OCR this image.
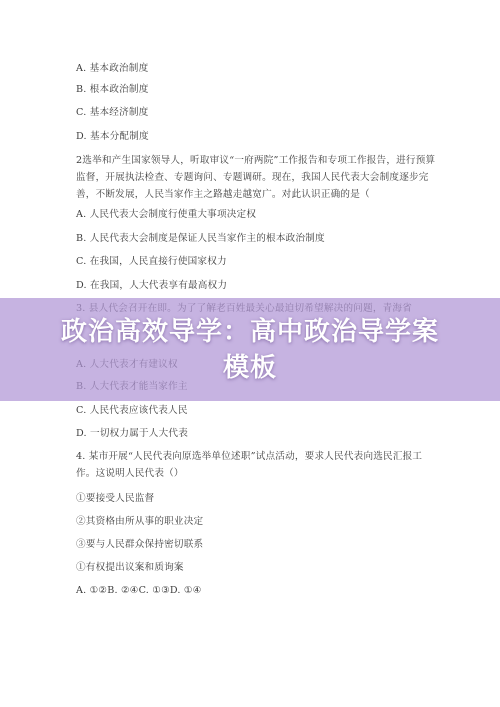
A. 基本政治制度
B. 根本政治制度
C. 基本经济制度
D. 基本分配制度
2选举和产生国家领导人，听取审议“一府两院”工作报告和专项工作报告，进行预算监督，开展执法检查、专题询问、专题调研。现在，我国人民代表大会制度逐步完善，不断发展，人民当家作主之路越走越宽广。对此认识正确的是（
A. 人民代表大会制度行使重大事项决定权
B. 人民代表大会制度是保证人民当家作主的根本政治制度
C. 在我国，人民直接行使国家权力
D. 在我国，人大代表享有最高权力
C. 人民代表应该代表人民
D. 一切权力属于人大代表
4. 某市开展“人民代表向原选举单位述职”试点活动，要求人民代表向选民汇报工作。这说明人民代表（）
①要接受人民监督
②其资格由所从事的职业决定
③要与人民群众保持密切联系
①有权提出议案和质询案
A. ①②B. ②④C. ①③D. ①④
政治高效导学：高中政治导学案模板
